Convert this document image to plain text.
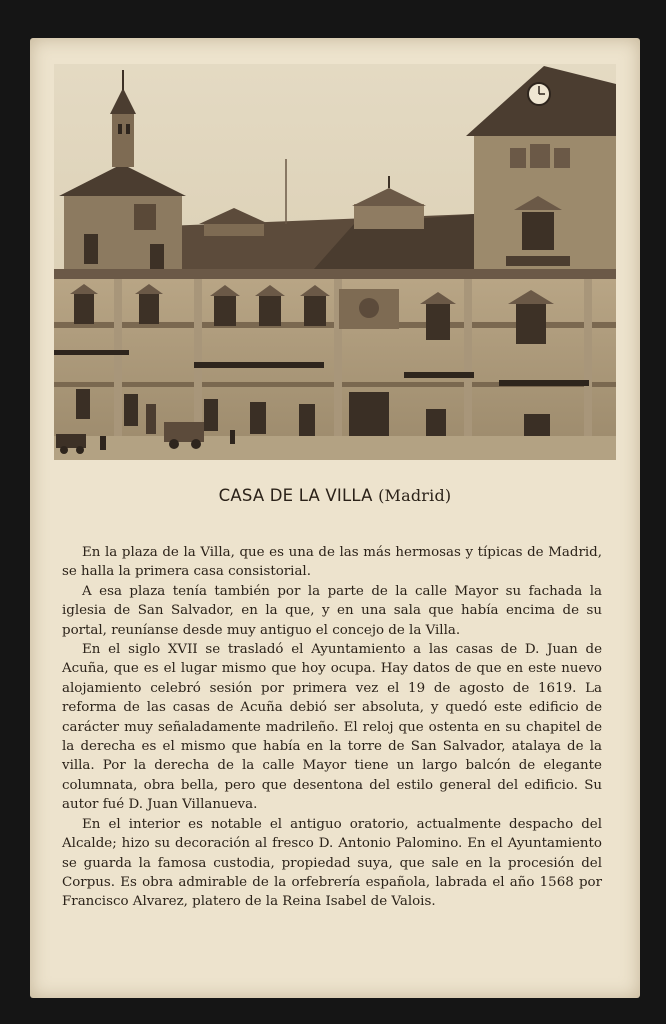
CASA DE LA VILLA (Madrid)

En la plaza de la Villa, que es una de las más hermosas y típicas de Madrid, se halla la primera casa consistorial.

A esa plaza tenía también por la parte de la calle Mayor su fachada la iglesia de San Salvador, en la que, y en una sala que había encima de su portal, reuníanse desde muy antiguo el concejo de la Villa.

En el siglo XVII se trasladó el Ayuntamiento a las casas de D. Juan de Acuña, que es el lugar mismo que hoy ocupa. Hay datos de que en este nuevo alojamiento celebró sesión por primera vez el 19 de agosto de 1619. La reforma de las casas de Acuña debió ser absoluta, y quedó este edificio de carácter muy señaladamente madrileño. El reloj que ostenta en su chapitel de la derecha es el mismo que había en la torre de San Salvador, atalaya de la villa. Por la derecha de la calle Mayor tiene un largo balcón de elegante columnata, obra bella, pero que desentona del estilo general del edificio. Su autor fué D. Juan Villanueva.

En el interior es notable el antiguo oratorio, actualmente despacho del Alcalde; hizo su decoración al fresco D. Antonio Palomino. En el Ayuntamiento se guarda la famosa custodia, propiedad suya, que sale en la procesión del Corpus. Es obra admirable de la orfebrería española, labrada el año 1568 por Francisco Alvarez, platero de la Reina Isabel de Valois.
